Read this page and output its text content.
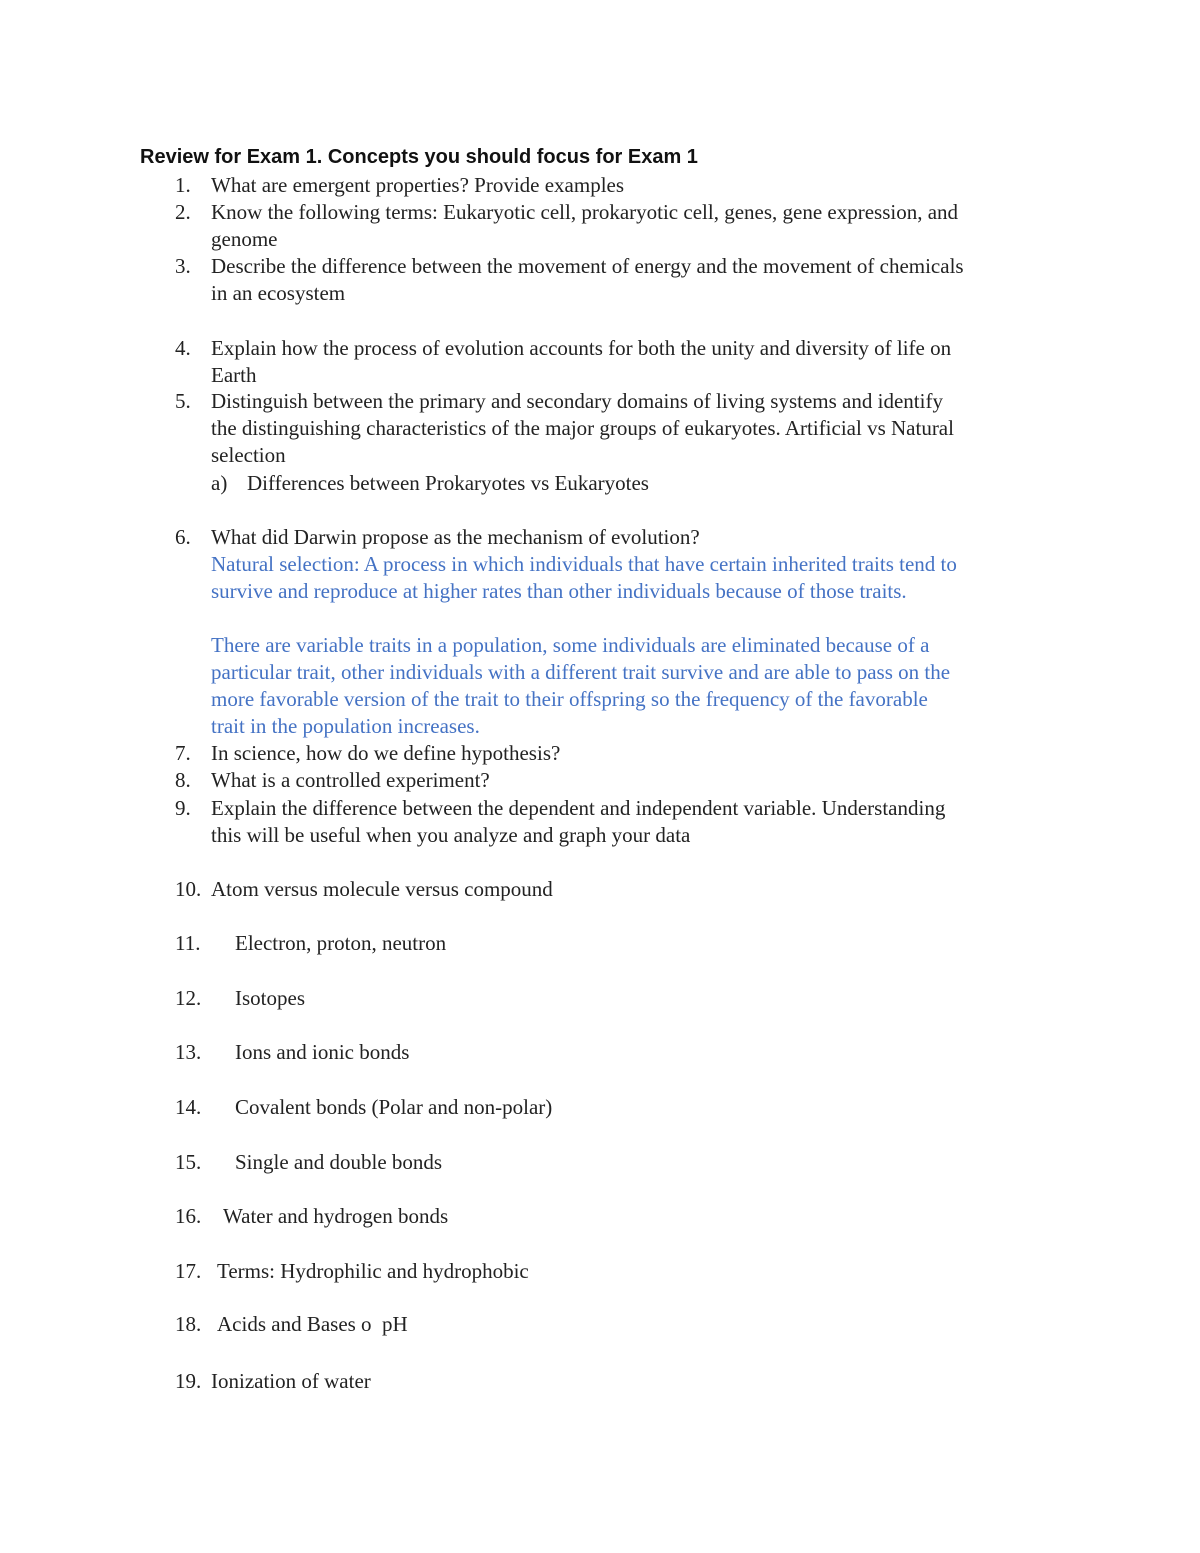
Review for Exam 1. Concepts you should focus for Exam 1
1. What are emergent properties? Provide examples
2. Know the following terms: Eukaryotic cell, prokaryotic cell, genes, gene expression, and
genome
3. Describe the difference between the movement of energy and the movement of chemicals
in an ecosystem
4. Explain how the process of evolution accounts for both the unity and diversity of life on
Earth
5. Distinguish between the primary and secondary domains of living systems and identify
the distinguishing characteristics of the major groups of eukaryotes. Artificial vs Natural
selection
a) Differences between Prokaryotes vs Eukaryotes
6. What did Darwin propose as the mechanism of evolution?
Natural selection: A process in which individuals that have certain inherited traits tend to
survive and reproduce at higher rates than other individuals because of those traits.
There are variable traits in a population, some individuals are eliminated because of a
particular trait, other individuals with a different trait survive and are able to pass on the
more favorable version of the trait to their offspring so the frequency of the favorable
trait in the population increases.
7. In science, how do we define hypothesis?
8. What is a controlled experiment?
9. Explain the difference between the dependent and independent variable. Understanding
this will be useful when you analyze and graph your data
10. Atom versus molecule versus compound
11. Electron, proton, neutron
12. Isotopes
13. Ions and ionic bonds
14. Covalent bonds (Polar and non-polar)
15. Single and double bonds
16. Water and hydrogen bonds
17. Terms: Hydrophilic and hydrophobic
18. Acids and Bases o  pH
19. Ionization of water
